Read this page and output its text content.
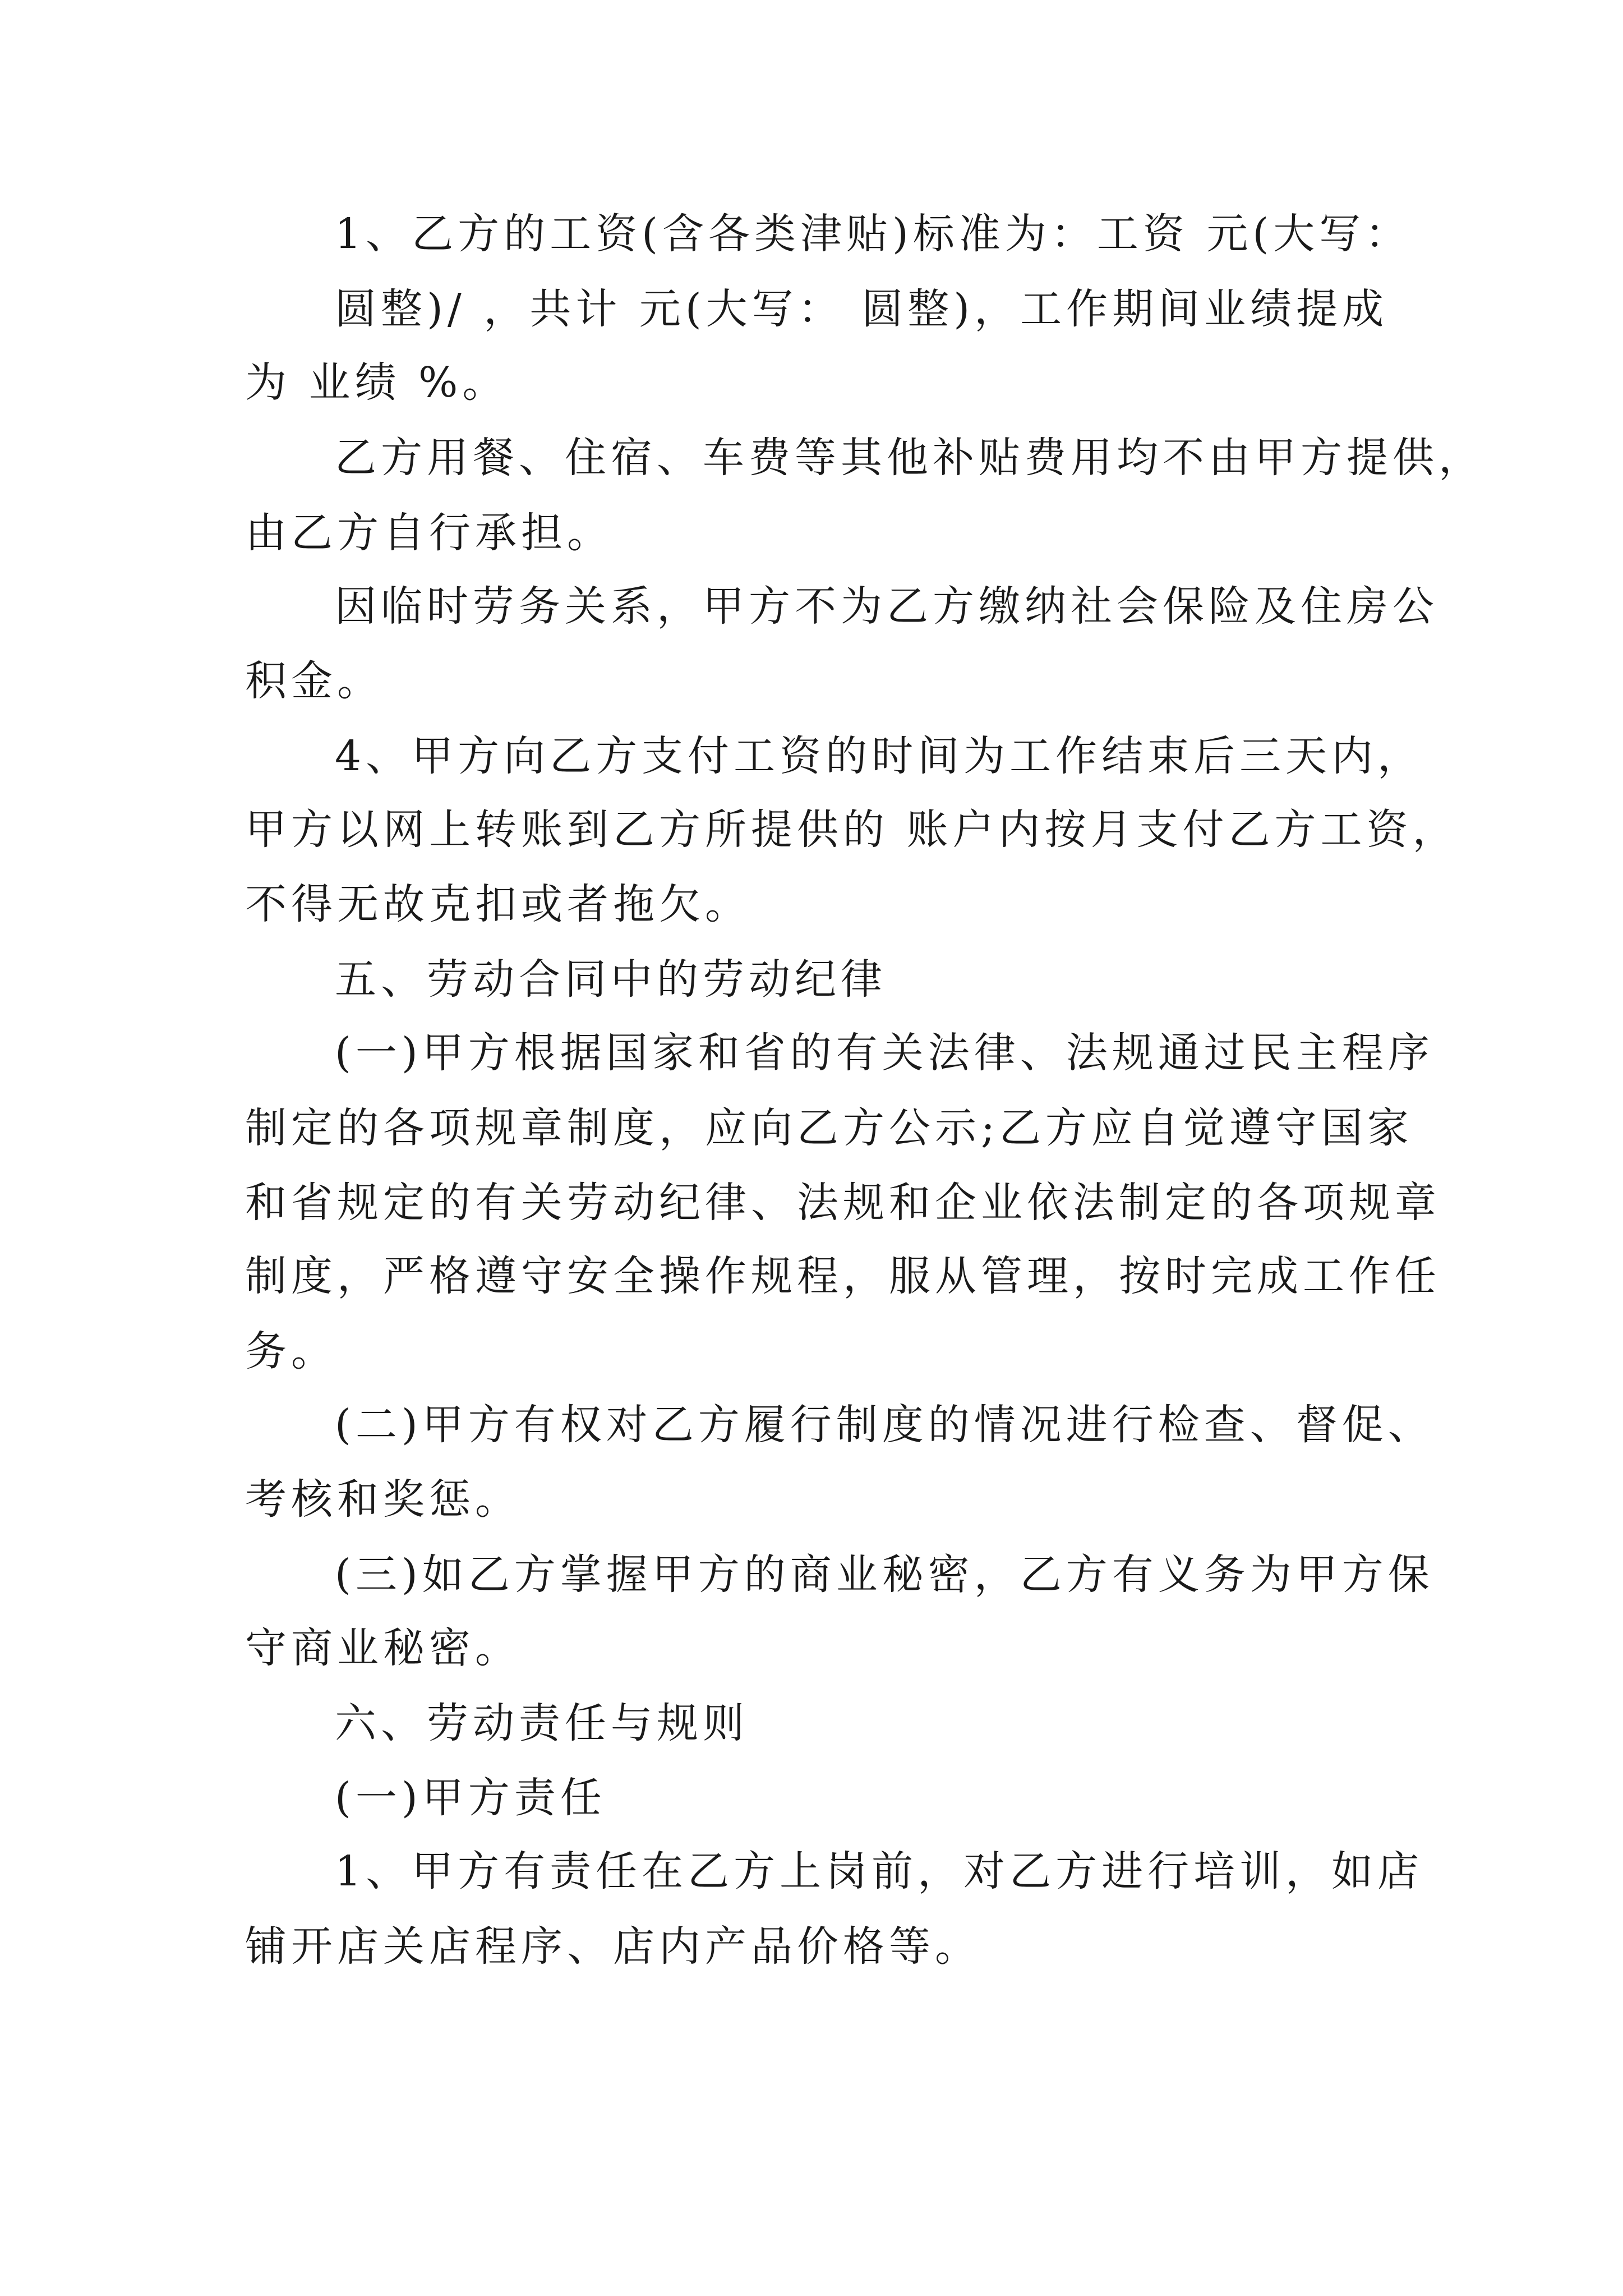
1、乙方的工资(含各类津贴)标准为：工资 元(大写：
圆整)/ ，共计 元(大写： 圆整)，工作期间业绩提成
为 业绩 %。
乙方用餐、住宿、车费等其他补贴费用均不由甲方提供，
由乙方自行承担。
因临时劳务关系，甲方不为乙方缴纳社会保险及住房公
积金。
4、甲方向乙方支付工资的时间为工作结束后三天内，
甲方以网上转账到乙方所提供的 账户内按月支付乙方工资，
不得无故克扣或者拖欠。
五、劳动合同中的劳动纪律
(一)甲方根据国家和省的有关法律、法规通过民主程序
制定的各项规章制度，应向乙方公示;乙方应自觉遵守国家
和省规定的有关劳动纪律、法规和企业依法制定的各项规章
制度，严格遵守安全操作规程，服从管理，按时完成工作任
务。
(二)甲方有权对乙方履行制度的情况进行检查、督促、
考核和奖惩。
(三)如乙方掌握甲方的商业秘密，乙方有义务为甲方保
守商业秘密。
六、劳动责任与规则
(一)甲方责任
1、甲方有责任在乙方上岗前，对乙方进行培训，如店
铺开店关店程序、店内产品价格等。
